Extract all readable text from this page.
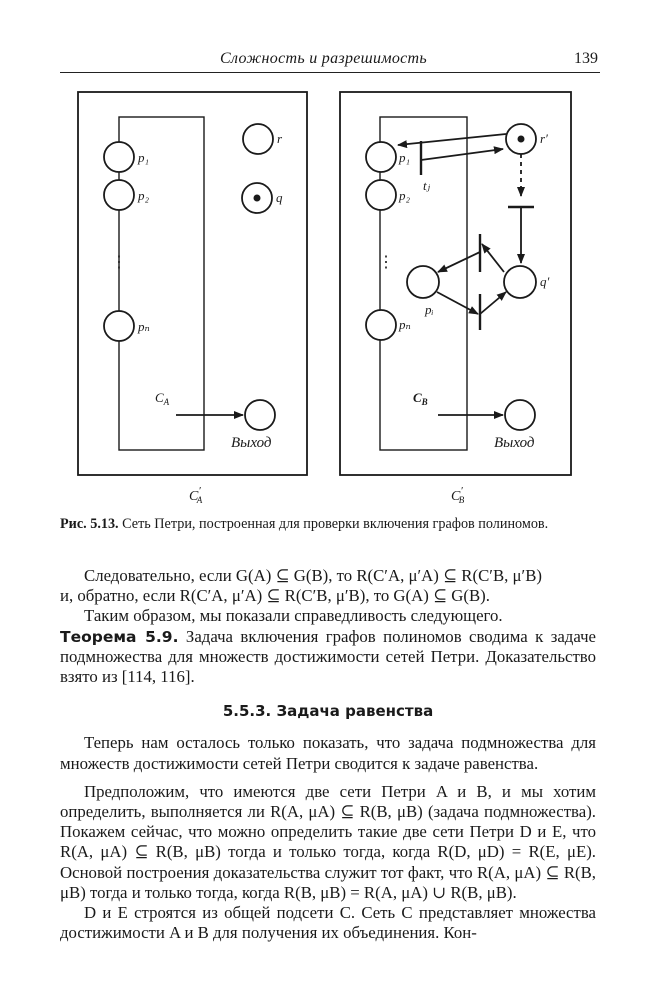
Сложность и разрешимость	139
p₁
p₂
pₙ
r
q
⋮
$C_A$
Выход
p₁
p₂
pₙ
pᵢ
r′
q′
tⱼ
⋮
$C_B$
Выход
C′ A	C′ B
Рис. 5.13. Сеть Петри, построенная для проверки включения графов полиномов.

Следовательно, если G(A) ⊆ G(B), то R(C′A, μ′A) ⊆ R(C′B, μ′B)

и, обратно, если R(C′A, μ′A) ⊆ R(C′B, μ′B), то G(A) ⊆ G(B).

Таким образом, мы показали справедливость следующего.

Теорема 5.9. Задача включения графов полиномов сводима к задаче подмножества для множеств достижимости сетей Петри. Доказательство взято из [114, 116].

5.5.3. Задача равенства

Теперь нам осталось только показать, что задача подмножества для множеств достижимости сетей Петри сводится к задаче равенства.

Предположим, что имеются две сети Петри A и B, и мы хотим определить, выполняется ли R(A, μA) ⊆ R(B, μB) (задача подмножества). Покажем сейчас, что можно определить такие две сети Петри D и E, что R(A, μA) ⊆ R(B, μB) тогда и только тогда, когда R(D, μD) = R(E, μE). Основой построения доказательства служит тот факт, что R(A, μA) ⊆ R(B, μB) тогда и только тогда, когда R(B, μB) = R(A, μA) ∪ R(B, μB).

D и E строятся из общей подсети C. Сеть C представляет множества достижимости A и B для получения их объединения. Кон-
